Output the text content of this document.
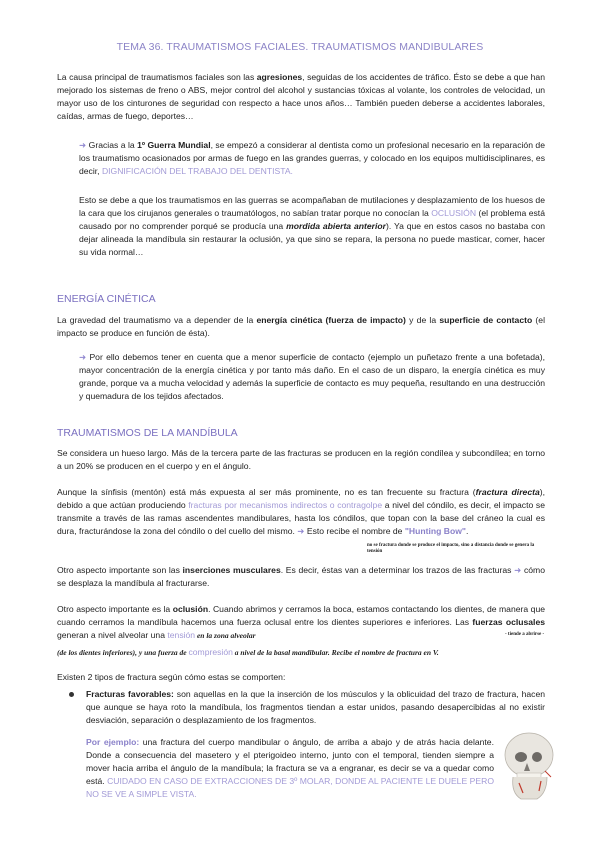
TEMA 36. TRAUMATISMOS FACIALES. TRAUMATISMOS MANDIBULARES

La causa principal de traumatismos faciales son las agresiones, seguidas de los accidentes de tráfico. Ésto se debe a que han mejorado los sistemas de freno o ABS, mejor control del alcohol y sustancias tóxicas al volante, los controles de velocidad, un mayor uso de los cinturones de seguridad con respecto a hace unos años… También pueden deberse a accidentes laborales, caídas, armas de fuego, deportes…

➜ Gracias a la 1º Guerra Mundial, se empezó a considerar al dentista como un profesional necesario en la reparación de los traumatismo ocasionados por armas de fuego en las grandes guerras, y colocado en los equipos multidisciplinares, es decir, DIGNIFICACIÓN DEL TRABAJO DEL DENTISTA.

Esto se debe a que los traumatismos en las guerras se acompañaban de mutilaciones y desplazamiento de los huesos de la cara que los cirujanos generales o traumatólogos, no sabían tratar porque no conocían la OCLUSIÓN (el problema está causado por no comprender porqué se producía una mordida abierta anterior). Ya que en estos casos no bastaba con dejar alineada la mandíbula sin restaurar la oclusión, ya que sino se repara, la persona no puede masticar, comer, hacer su vida normal…

ENERGÍA CINÉTICA

La gravedad del traumatismo va a depender de la energía cinética (fuerza de impacto) y de la superficie de contacto (el impacto se produce en función de ésta).

➜ Por ello debemos tener en cuenta que a menor superficie de contacto (ejemplo un puñetazo frente a una bofetada), mayor concentración de la energía cinética y por tanto más daño. En el caso de un disparo, la energía cinética es muy grande, porque va a mucha velocidad y además la superficie de contacto es muy pequeña, resultando en una destrucción y quemadura de los tejidos afectados.

TRAUMATISMOS DE LA MANDÍBULA

Se considera un hueso largo. Más de la tercera parte de las fracturas se producen en la región condílea y subcondílea; en torno a un 20% se producen en el cuerpo y en el ángulo.

Aunque la sínfisis (mentón) está más expuesta al ser más prominente, no es tan frecuente su fractura (fractura directa), debido a que actúan produciendo fracturas por mecanismos indirectos o contragolpe a nivel del cóndilo, es decir, el impacto se transmite a través de las ramas ascendentes mandibulares, hasta los cóndilos, que topan con la base del cráneo la cual es dura, fracturándose la zona del cóndilo o del cuello del mismo. ➜ Esto recibe el nombre de "Hunting Bow".

no se fractura donde se produce el impacto, sino a distancia donde se genera la tensión

Otro aspecto importante son las inserciones musculares. Es decir, éstas van a determinar los trazos de las fracturas ➜ cómo se desplaza la mandíbula al fracturarse.

Otro aspecto importante es la oclusión. Cuando abrimos y cerramos la boca, estamos contactando los dientes, de manera que cuando cerramos la mandíbula hacemos una fuerza oclusal entre los dientes superiores e inferiores. Las fuerzas oclusales generan a nivel alveolar una tensión en la zona alveolar	- tiende a abrirse -

(de los dientes inferiores), y una fuerza de compresión a nivel de la basal mandibular. Recibe el nombre de fractura en V.

Existen 2 tipos de fractura según cómo estas se comporten:

Fracturas favorables: son aquellas en la que la inserción de los músculos y la oblicuidad del trazo de fractura, hacen que aunque se haya roto la mandíbula, los fragmentos tiendan a estar unidos, pasando desapercibidas al no existir desviación, separación o desplazamiento de los fragmentos.

Por ejemplo: una fractura del cuerpo mandibular o ángulo, de arriba a abajo y de atrás hacia delante. Donde a consecuencia del masetero y el pterigoideo interno, junto con el temporal, tienden siempre a mover hacia arriba el ángulo de la mandíbula; la fractura se va a engranar, es decir se va a quedar como está. CUIDADO EN CASO DE EXTRACCIONES DE 3º MOLAR, DONDE AL PACIENTE LE DUELE PERO NO SE VE A SIMPLE VISTA.
